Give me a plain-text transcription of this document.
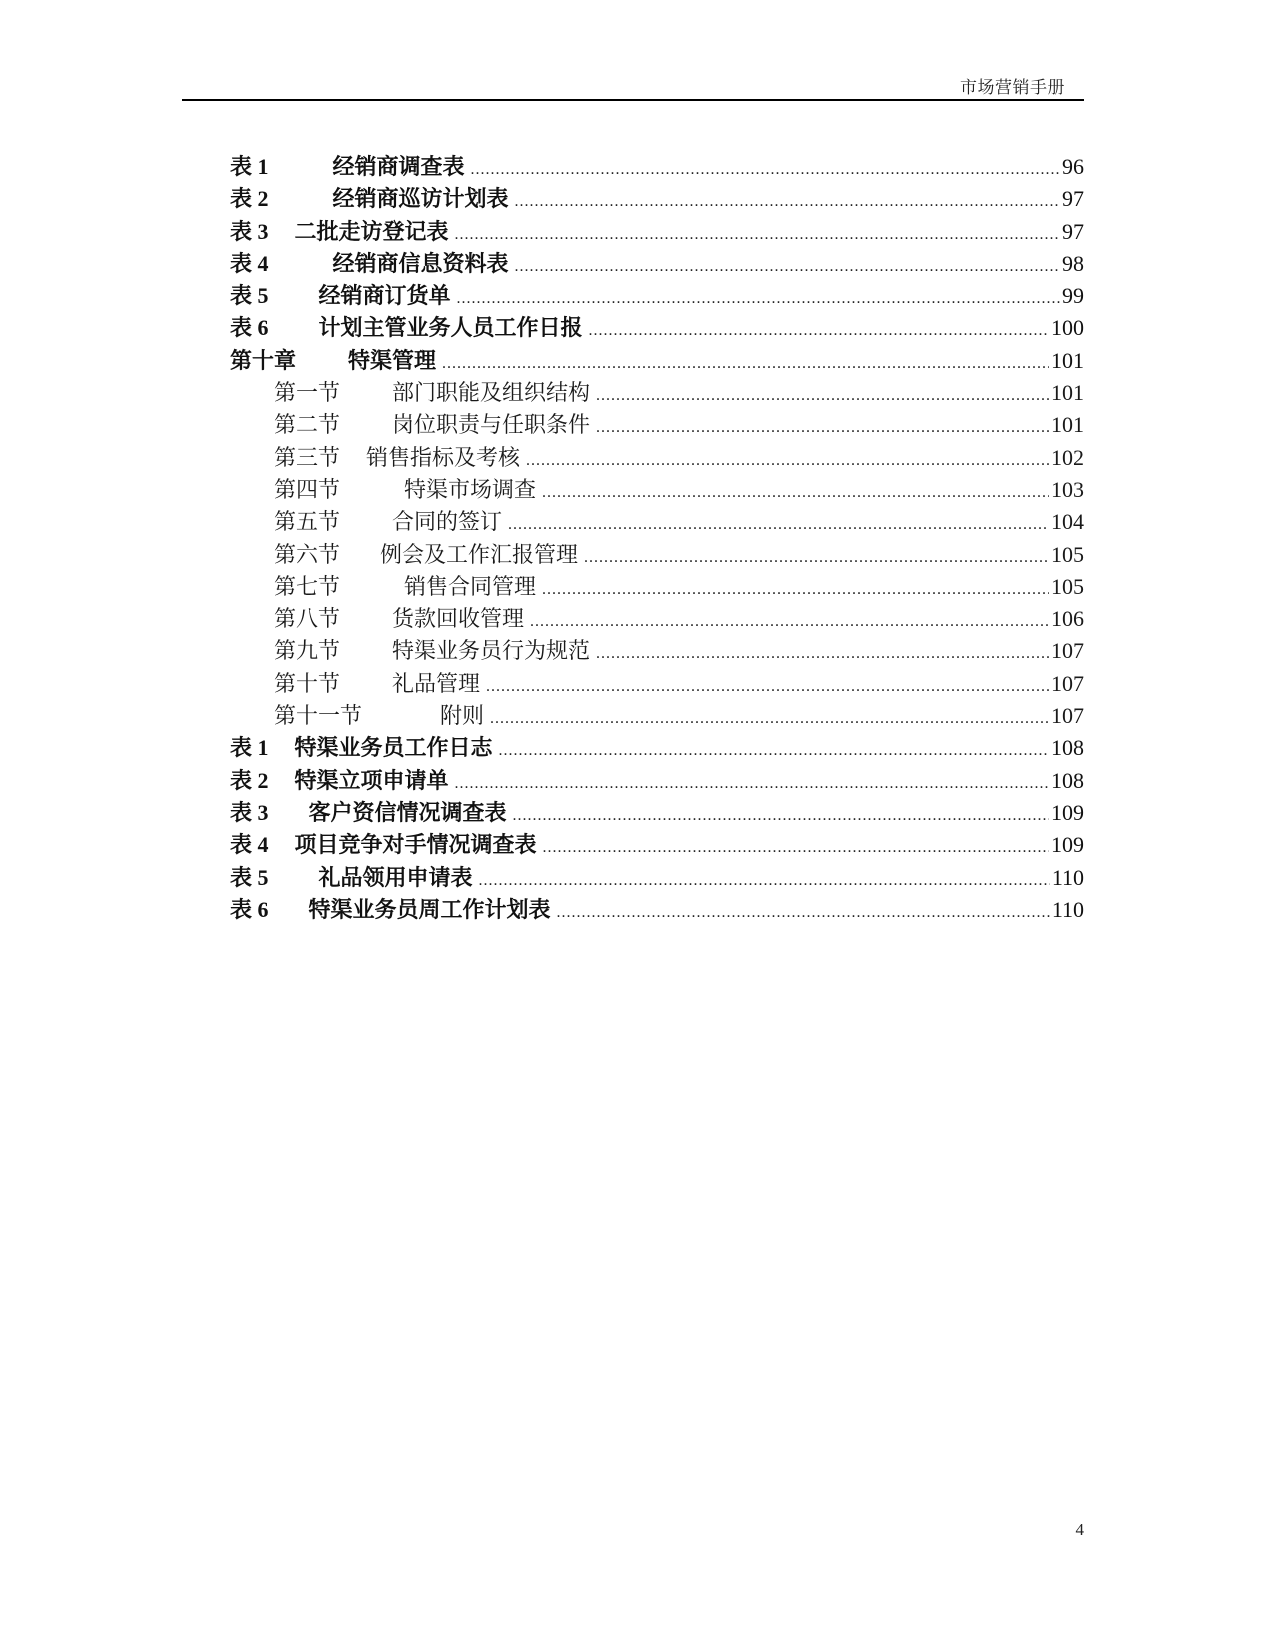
市场营销手册
表 1	经销商调查表 .....	96
表 2	经销商巡访计划表 .....	97
表 3 二批走访登记表 .....	97
表 4	经销商信息资料表 .....	98
表 5 经销商订货单 .....	99
表 6 计划主管业务人员工作日报 .....	100
第十章 特渠管理 .....	101
第一节 部门职能及组织结构 .....	101
第二节 岗位职责与任职条件 .....	101
第三节 销售指标及考核 .....	102
第四节	特渠市场调查 .....	103
第五节 合同的签订 .....	104
第六节 例会及工作汇报管理 .....	105
第七节	销售合同管理 .....	105
第八节 货款回收管理 .....	106
第九节 特渠业务员行为规范 .....	107
第十节 礼品管理 .....	107
第十一节	附则 .....	107
表 1 特渠业务员工作日志 .....	108
表 2 特渠立项申请单 .....	108
表 3 客户资信情况调查表 .....	109
表 4 项目竞争对手情况调查表 .....	109
表 5 礼品领用申请表 .....	110
表 6 特渠业务员周工作计划表 .....	110
4
